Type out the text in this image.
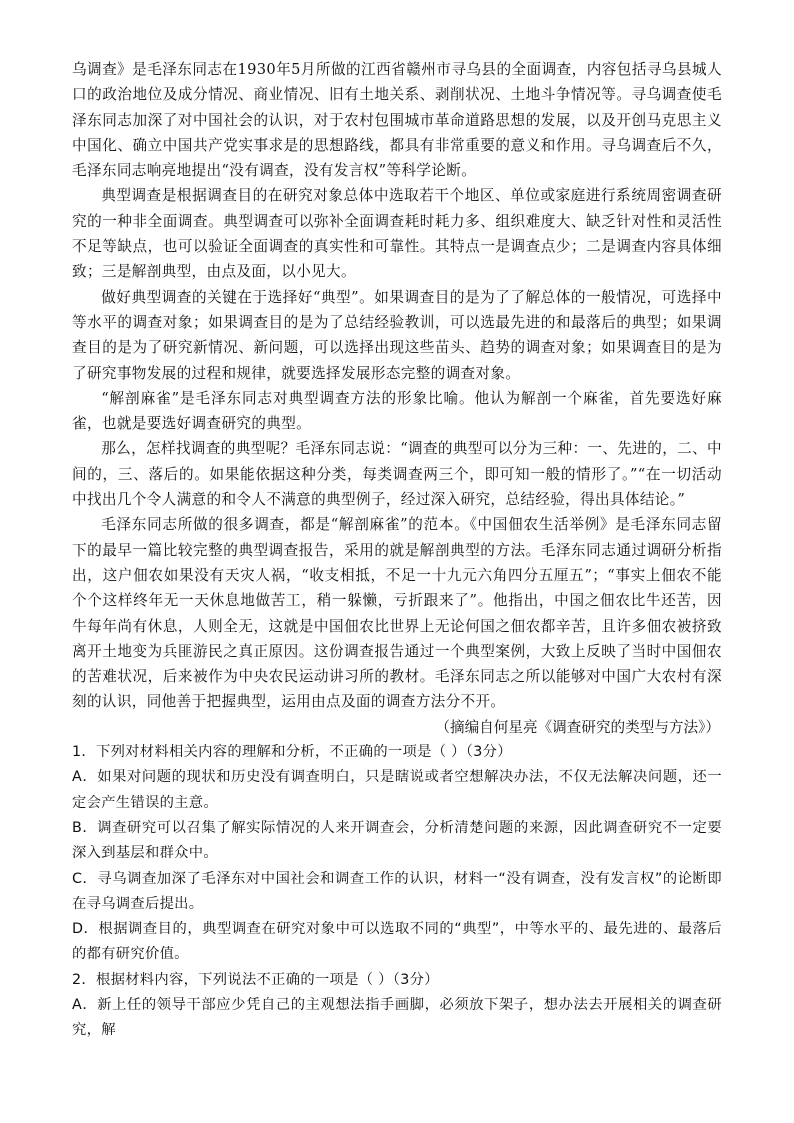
乌调查》是毛泽东同志在1930年5月所做的江西省赣州市寻乌县的全面调查，内容包括寻乌县城人口的政治地位及成分情况、商业情况、旧有土地关系、剥削状况、土地斗争情况等。寻乌调查使毛泽东同志加深了对中国社会的认识，对于农村包围城市革命道路思想的发展，以及开创马克思主义中国化、确立中国共产党实事求是的思想路线，都具有非常重要的意义和作用。寻乌调查后不久，毛泽东同志响亮地提出“没有调查，没有发言权”等科学论断。

典型调查是根据调查目的在研究对象总体中选取若干个地区、单位或家庭进行系统周密调查研究的一种非全面调查。典型调查可以弥补全面调查耗时耗力多、组织难度大、缺乏针对性和灵活性不足等缺点，也可以验证全面调查的真实性和可靠性。其特点一是调查点少；二是调查内容具体细致；三是解剖典型，由点及面，以小见大。

做好典型调查的关键在于选择好“典型”。如果调查目的是为了了解总体的一般情况，可选择中等水平的调查对象；如果调查目的是为了总结经验教训，可以选最先进的和最落后的典型；如果调查目的是为了研究新情况、新问题，可以选择出现这些苗头、趋势的调查对象；如果调查目的是为了研究事物发展的过程和规律，就要选择发展形态完整的调查对象。

“解剖麻雀”是毛泽东同志对典型调查方法的形象比喻。他认为解剖一个麻雀，首先要选好麻雀，也就是要选好调查研究的典型。

那么，怎样找调查的典型呢？毛泽东同志说：“调查的典型可以分为三种：一、先进的，二、中间的，三、落后的。如果能依据这种分类，每类调查两三个，即可知一般的情形了。”“在一切活动中找出几个令人满意的和令人不满意的典型例子，经过深入研究，总结经验，得出具体结论。”

毛泽东同志所做的很多调查，都是“解剖麻雀”的范本。《中国佃农生活举例》是毛泽东同志留下的最早一篇比较完整的典型调查报告，采用的就是解剖典型的方法。毛泽东同志通过调研分析指出，这户佃农如果没有天灾人祸，“收支相抵，不足一十九元六角四分五厘五”；“事实上佃农不能个个这样终年无一天休息地做苦工，稍一躲懒，亏折跟来了”。他指出，中国之佃农比牛还苦，因牛每年尚有休息，人则全无，这就是中国佃农比世界上无论何国之佃农都辛苦，且许多佃农被挤致离开土地变为兵匪游民之真正原因。这份调查报告通过一个典型案例，大致上反映了当时中国佃农的苦难状况，后来被作为中央农民运动讲习所的教材。毛泽东同志之所以能够对中国广大农村有深刻的认识，同他善于把握典型，运用由点及面的调查方法分不开。

（摘编自何星亮《调查研究的类型与方法》）

1．下列对材料相关内容的理解和分析，不正确的一项是（ ）（3分）

A．如果对问题的现状和历史没有调查明白，只是瞎说或者空想解决办法，不仅无法解决问题，还一定会产生错误的主意。

B．调查研究可以召集了解实际情况的人来开调查会，分析清楚问题的来源，因此调查研究不一定要深入到基层和群众中。

C．寻乌调查加深了毛泽东对中国社会和调查工作的认识，材料一“没有调查，没有发言权”的论断即在寻乌调查后提出。

D．根据调查目的，典型调查在研究对象中可以选取不同的“典型”，中等水平的、最先进的、最落后的都有研究价值。

2．根据材料内容，下列说法不正确的一项是（ ）（3分）

A．新上任的领导干部应少凭自己的主观想法指手画脚，必须放下架子，想办法去开展相关的调查研究，解
